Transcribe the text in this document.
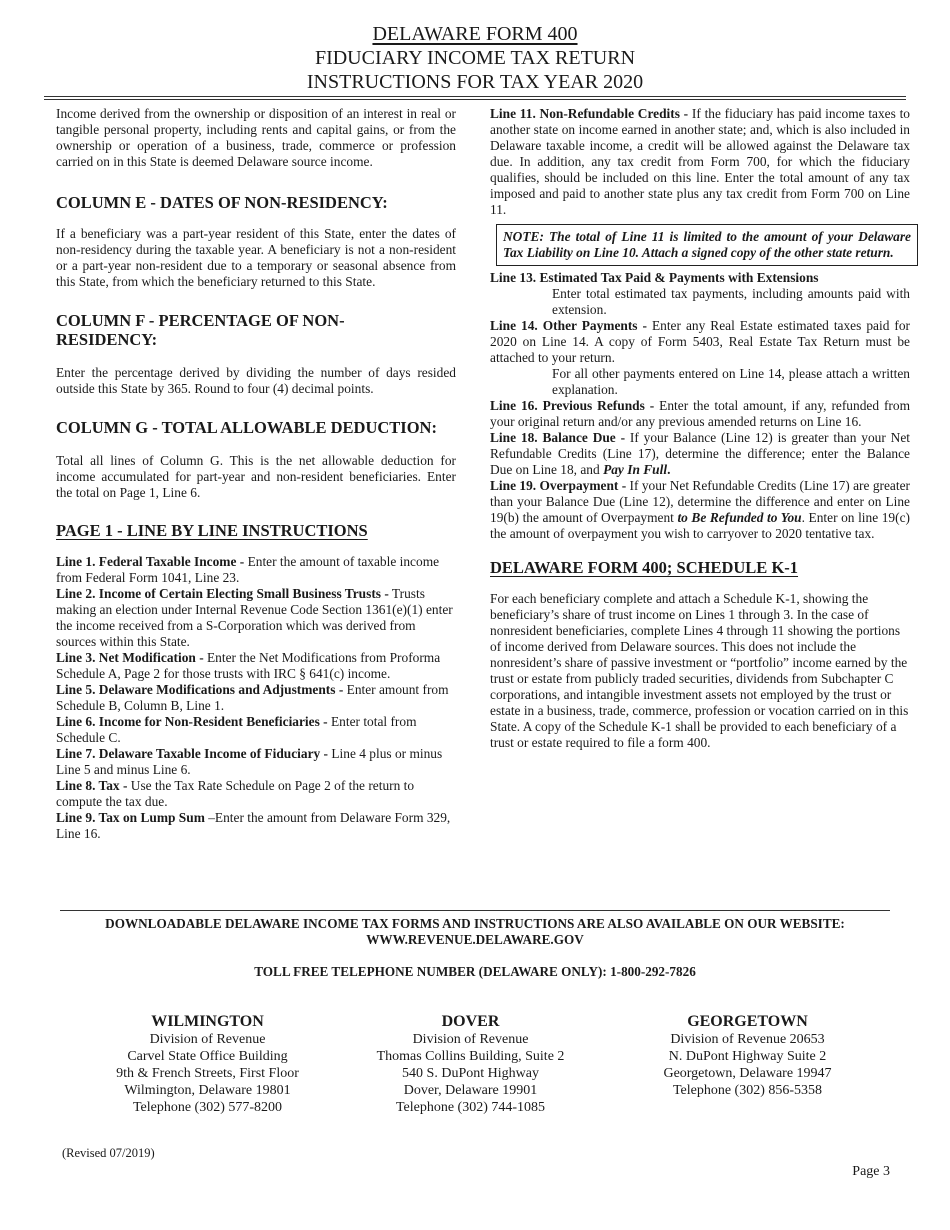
DELAWARE FORM 400
FIDUCIARY INCOME TAX RETURN
INSTRUCTIONS FOR TAX YEAR 2020

Income derived from the ownership or disposition of an interest in real or tangible personal property, including rents and capital gains, or from the ownership or operation of a business, trade, commerce or profession carried on in this State is deemed Delaware source income.

COLUMN E - DATES OF NON-RESIDENCY:

If a beneficiary was a part-year resident of this State, enter the dates of non-residency during the taxable year. A beneficiary is not a non-resident or a part-year non-resident due to a temporary or seasonal absence from this State, from which the beneficiary returned to this State.

COLUMN F - PERCENTAGE OF NON-RESIDENCY:

Enter the percentage derived by dividing the number of days resided outside this State by 365. Round to four (4) decimal points.

COLUMN G - TOTAL ALLOWABLE DEDUCTION:

Total all lines of Column G. This is the net allowable deduction for income accumulated for part-year and non-resident beneficiaries. Enter the total on Page 1, Line 6.

PAGE 1 - LINE BY LINE INSTRUCTIONS
Line 1. Federal Taxable Income - Enter the amount of taxable income from Federal Form 1041, Line 23.
Line 2. Income of Certain Electing Small Business Trusts - Trusts making an election under Internal Revenue Code Section 1361(e)(1) enter the income received from a S-Corporation which was derived from sources within this State.
Line 3. Net Modification - Enter the Net Modifications from Proforma Schedule A, Page 2 for those trusts with IRC § 641(c) income.
Line 5. Delaware Modifications and Adjustments - Enter amount from Schedule B, Column B, Line 1.
Line 6. Income for Non-Resident Beneficiaries - Enter total from Schedule C.
Line 7. Delaware Taxable Income of Fiduciary - Line 4 plus or minus Line 5 and minus Line 6.
Line 8. Tax - Use the Tax Rate Schedule on Page 2 of the return to compute the tax due.
Line 9. Tax on Lump Sum –Enter the amount from Delaware Form 329, Line 16.

Line 11. Non-Refundable Credits - If the fiduciary has paid income taxes to another state on income earned in another state; and, which is also included in Delaware taxable income, a credit will be allowed against the Delaware tax due. In addition, any tax credit from Form 700, for which the fiduciary qualifies, should be included on this line. Enter the total amount of any tax imposed and paid to another state plus any tax credit from Form 700 on Line 11.

NOTE: The total of Line 11 is limited to the amount of your Delaware Tax Liability on Line 10. Attach a signed copy of the other state return.

Line 13. Estimated Tax Paid & Payments with Extensions
Enter total estimated tax payments, including amounts paid with extension.

Line 14. Other Payments - Enter any Real Estate estimated taxes paid for 2020 on Line 14. A copy of Form 5403, Real Estate Tax Return must be attached to your return.

For all other payments entered on Line 14, please attach a written explanation.

Line 16. Previous Refunds - Enter the total amount, if any, refunded from your original return and/or any previous amended returns on Line 16.

Line 18. Balance Due - If your Balance (Line 12) is greater than your Net Refundable Credits (Line 17), determine the difference; enter the Balance Due on Line 18, and Pay In Full.

Line 19. Overpayment - If your Net Refundable Credits (Line 17) are greater than your Balance Due (Line 12), determine the difference and enter on Line 19(b) the amount of Overpayment to Be Refunded to You. Enter on line 19(c) the amount of overpayment you wish to carryover to 2020 tentative tax.

DELAWARE FORM 400; SCHEDULE K-1

For each beneficiary complete and attach a Schedule K-1, showing the beneficiary’s share of trust income on Lines 1 through 3. In the case of nonresident beneficiaries, complete Lines 4 through 11 showing the portions of income derived from Delaware sources. This does not include the nonresident’s share of passive investment or “portfolio” income earned by the trust or estate from publicly traded securities, dividends from Subchapter C corporations, and intangible investment assets not employed by the trust or estate in a business, trade, commerce, profession or vocation carried on in this State. A copy of the Schedule K-1 shall be provided to each beneficiary of a trust or estate required to file a form 400.

DOWNLOADABLE DELAWARE INCOME TAX FORMS AND INSTRUCTIONS ARE ALSO AVAILABLE ON OUR WEBSITE:
WWW.REVENUE.DELAWARE.GOV
TOLL FREE TELEPHONE NUMBER (DELAWARE ONLY): 1-800-292-7826
WILMINGTON
Division of Revenue
Carvel State Office Building
9th & French Streets, First Floor
Wilmington, Delaware 19801
Telephone (302) 577-8200
DOVER
Division of Revenue
Thomas Collins Building, Suite 2
540 S. DuPont Highway
Dover, Delaware 19901
Telephone (302) 744-1085
GEORGETOWN
Division of Revenue 20653
N. DuPont Highway Suite 2
Georgetown, Delaware 19947
Telephone (302) 856-5358
(Revised 07/2019)
Page 3
